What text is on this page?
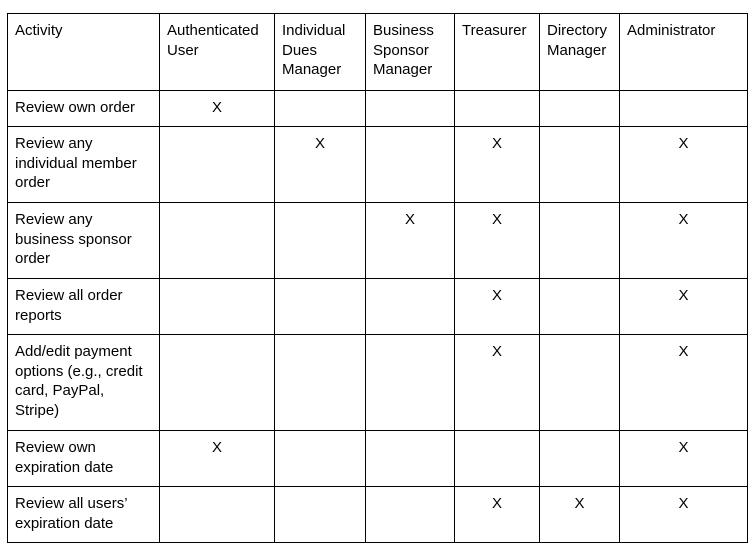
Activity	Authenticated User	Individual Dues Manager	Business Sponsor Manager	Treasurer	Directory Manager	Administrator
Review own order	X					
Review any individual member order		X		X		X
Review any business sponsor order			X	X		X
Review all order reports				X		X
Add/edit payment options (e.g., credit card, PayPal, Stripe)				X		X
Review own expiration date	X					X
Review all users’ expiration date				X	X	X
